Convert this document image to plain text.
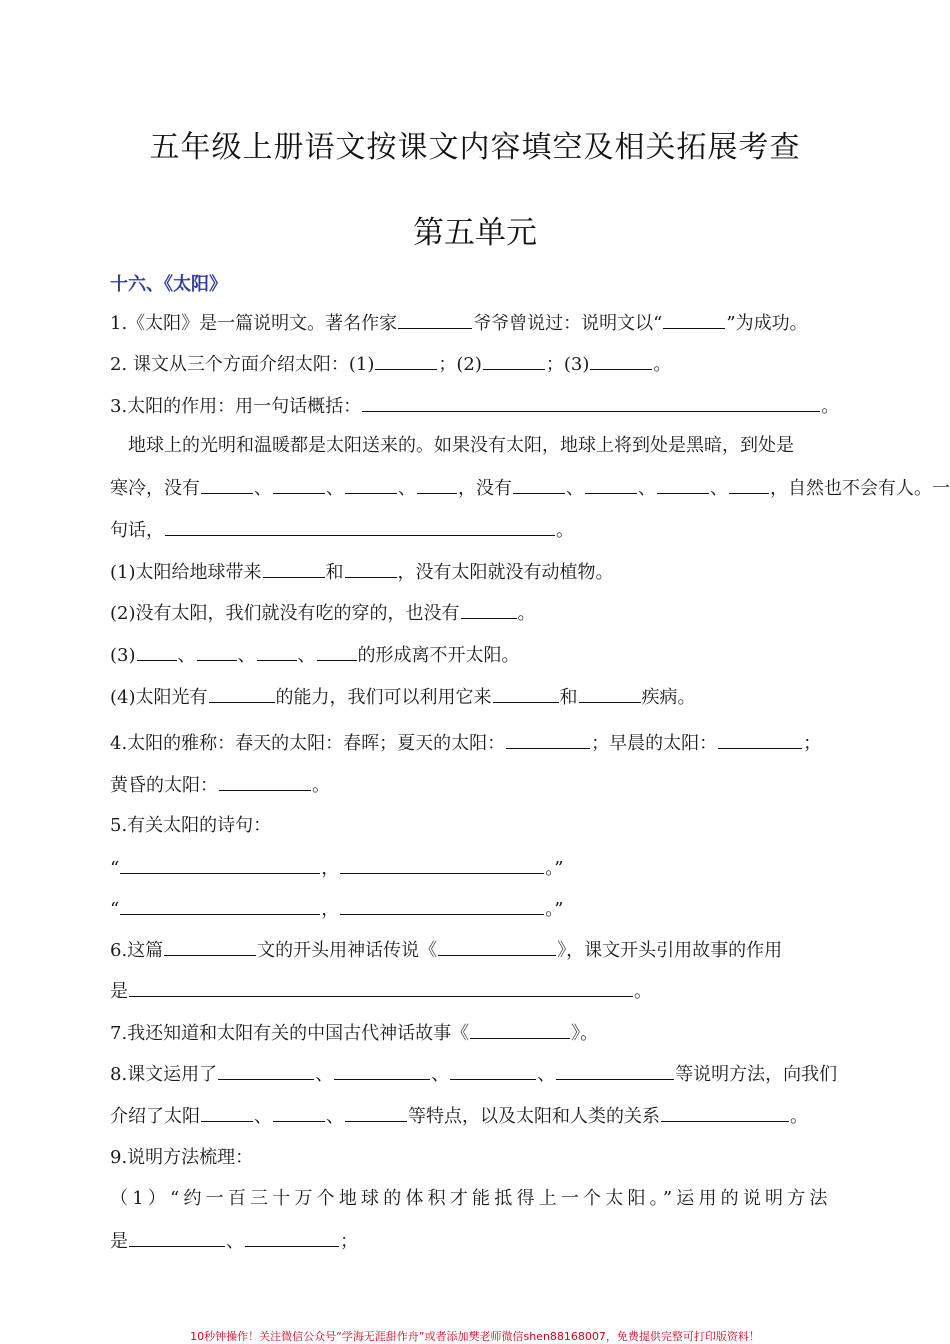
五年级上册语文按课文内容填空及相关拓展考查
第五单元
十六、《太阳》
1.《太阳》是一篇说明文。著名作家	爷爷曾说过：说明文以“	”为成功。
2. 课文从三个方面介绍太阳：(1)	；(2)	；(3)	。
3.太阳的作用：用一句话概括：	。
地球上的光明和温暖都是太阳送来的。如果没有太阳，地球上将到处是黑暗，到处是
寒冷，没有	、	、	、 ，没有	、	、	、 ，自然也不会有人。一
句话，	。
(1)太阳给地球带来	和	，没有太阳就没有动植物。
(2)没有太阳，我们就没有吃的穿的，也没有	。
(3) 、 、 、 的形成离不开太阳。
(4)太阳光有	的能力，我们可以利用它来	和	疾病。
4.太阳的雅称：春天的太阳：春晖；夏天的太阳：	；早晨的太阳：	；
黄昏的太阳：	。
5.有关太阳的诗句：
“	，	。”
“	，	。”
6.这篇	文的开头用神话传说《	》，课文开头引用故事的作用
是	。
7.我还知道和太阳有关的中国古代神话故事《	》。
8.课文运用了	、	、	、	等说明方法，向我们
介绍了太阳	、	、	等特点，以及太阳和人类的关系	。
9.说明方法梳理：
（1）“约一百三十万个地球的体积才能抵得上一个太阳。”运用的说明方法
是	、	；
10秒钟操作！关注微信公众号“学海无涯甜作舟”或者添加樊老师微信shen88168007，免费提供完整可打印版资料！
